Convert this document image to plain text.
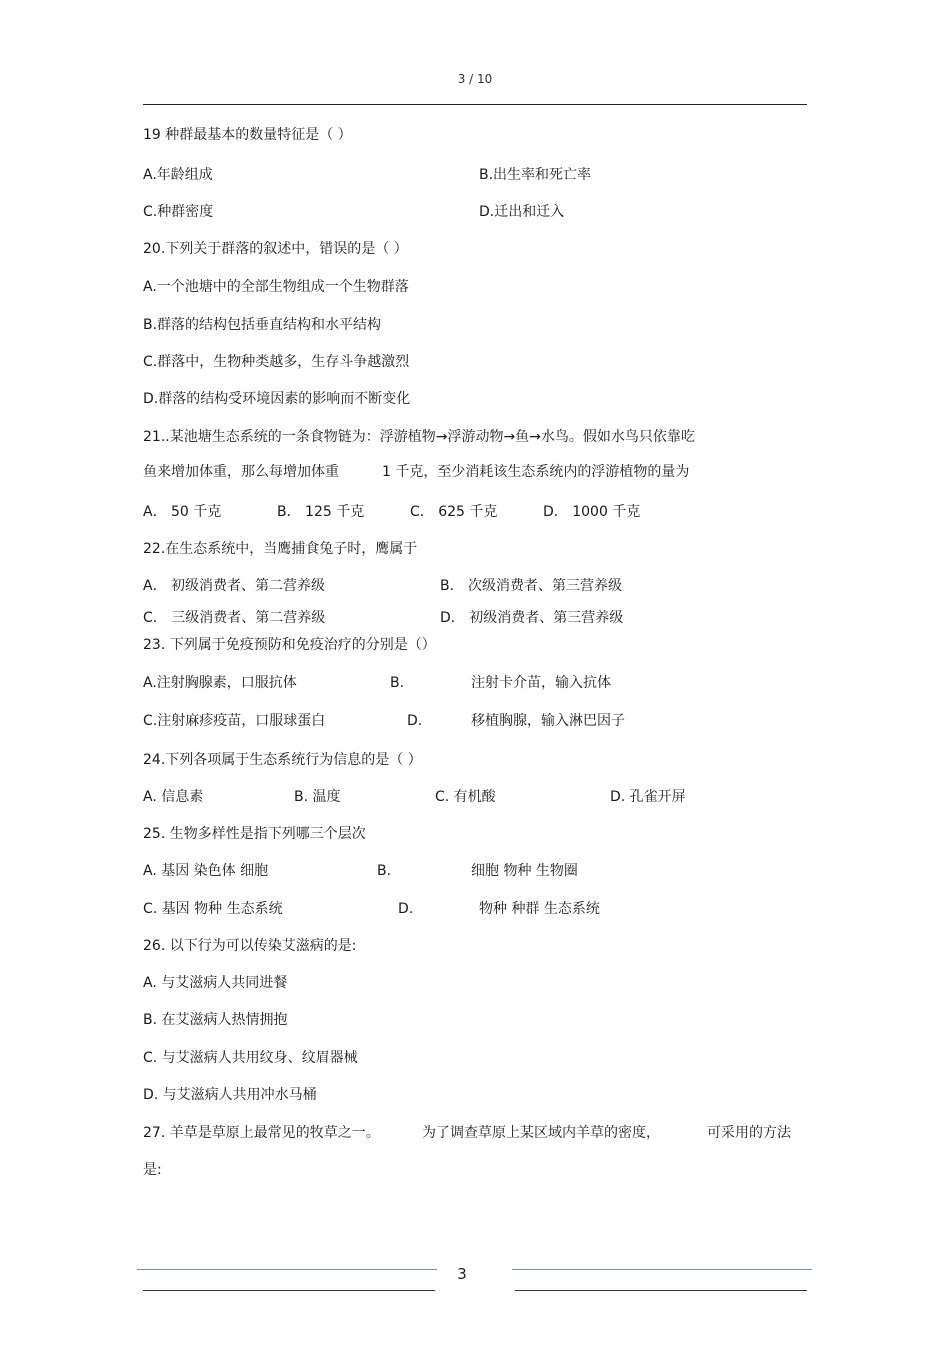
3 / 10
19 种群最基本的数量特征是（ ）
A.年龄组成	B.出生率和死亡率
C.种群密度	D.迁出和迁入
20.下列关于群落的叙述中，错误的是（ ）
A.一个池塘中的全部生物组成一个生物群落
B.群落的结构包括垂直结构和水平结构
C.群落中，生物种类越多，生存斗争越激烈
D.群落的结构受环境因素的影响而不断变化
21..某池塘生态系统的一条食物链为：浮游植物→浮游动物→鱼→水鸟。假如水鸟只依靠吃
鱼来增加体重，那么每增加体重	1 千克，至少消耗该生态系统内的浮游植物的量为
A． 50 千克	B． 125 千克	C． 625 千克	D． 1000 千克
22.在生态系统中，当鹰捕食兔子时，鹰属于
A． 初级消费者、第二营养级	B． 次级消费者、第三营养级
C． 三级消费者、第二营养级	D． 初级消费者、第三营养级
23. 下列属于免疫预防和免疫治疗的分别是（）
A.注射胸腺素，口服抗体	B.	注射卡介苗，输入抗体
C.注射麻疹疫苗，口服球蛋白	D.	移植胸腺，输入淋巴因子
24.下列各项属于生态系统行为信息的是（ ）
A. 信息素	B. 温度	C. 有机酸	D. 孔雀开屏
25. 生物多样性是指下列哪三个层次
A. 基因 染色体 细胞	B.	细胞 物种 生物圈
C. 基因 物种 生态系统	D.	物种 种群 生态系统
26. 以下行为可以传染艾滋病的是:
A. 与艾滋病人共同进餐
B. 在艾滋病人热情拥抱
C. 与艾滋病人共用纹身、纹眉器械
D. 与艾滋病人共用冲水马桶
27. 羊草是草原上最常见的牧草之一。	为了调查草原上某区域内羊草的密度，	可采用的方法
是:
3
